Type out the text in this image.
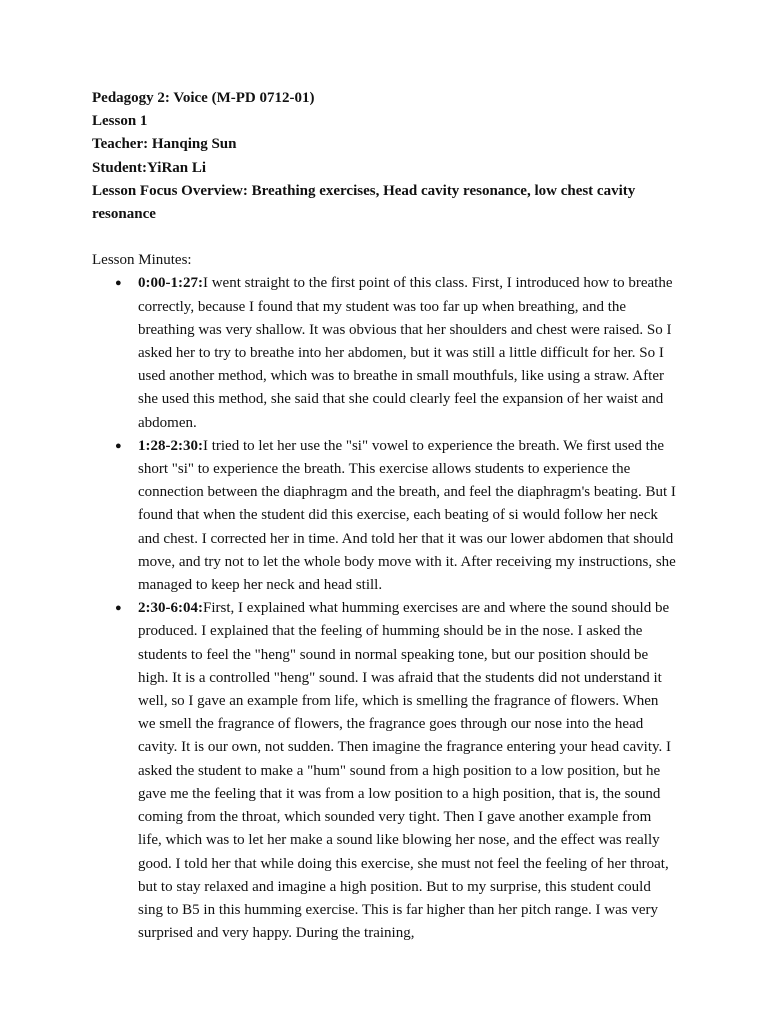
Pedagogy 2: Voice (M-PD 0712-01)

Lesson 1

Teacher: Hanqing Sun

Student:YiRan Li

Lesson Focus Overview: Breathing exercises, Head cavity resonance, low chest cavity resonance

Lesson Minutes:

● 0:00-1:27:I went straight to the first point of this class. First, I introduced how to breathe correctly, because I found that my student was too far up when breathing, and the breathing was very shallow. It was obvious that her shoulders and chest were raised. So I asked her to try to breathe into her abdomen, but it was still a little difficult for her. So I used another method, which was to breathe in small mouthfuls, like using a straw. After she used this method, she said that she could clearly feel the expansion of her waist and abdomen.
● 1:28-2:30:I tried to let her use the "si" vowel to experience the breath. We first used the short "si" to experience the breath. This exercise allows students to experience the connection between the diaphragm and the breath, and feel the diaphragm's beating. But I found that when the student did this exercise, each beating of si would follow her neck and chest. I corrected her in time. And told her that it was our lower abdomen that should move, and try not to let the whole body move with it. After receiving my instructions, she managed to keep her neck and head still.
● 2:30-6:04:First, I explained what humming exercises are and where the sound should be produced. I explained that the feeling of humming should be in the nose. I asked the students to feel the "heng" sound in normal speaking tone, but our position should be high. It is a controlled "heng" sound. I was afraid that the students did not understand it well, so I gave an example from life, which is smelling the fragrance of flowers. When we smell the fragrance of flowers, the fragrance goes through our nose into the head cavity. It is our own, not sudden. Then imagine the fragrance entering your head cavity. I asked the student to make a "hum" sound from a high position to a low position, but he gave me the feeling that it was from a low position to a high position, that is, the sound coming from the throat, which sounded very tight. Then I gave another example from life, which was to let her make a sound like blowing her nose, and the effect was really good. I told her that while doing this exercise, she must not feel the feeling of her throat, but to stay relaxed and imagine a high position. But to my surprise, this student could sing to B5 in this humming exercise. This is far higher than her pitch range. I was very surprised and very happy. During the training,
